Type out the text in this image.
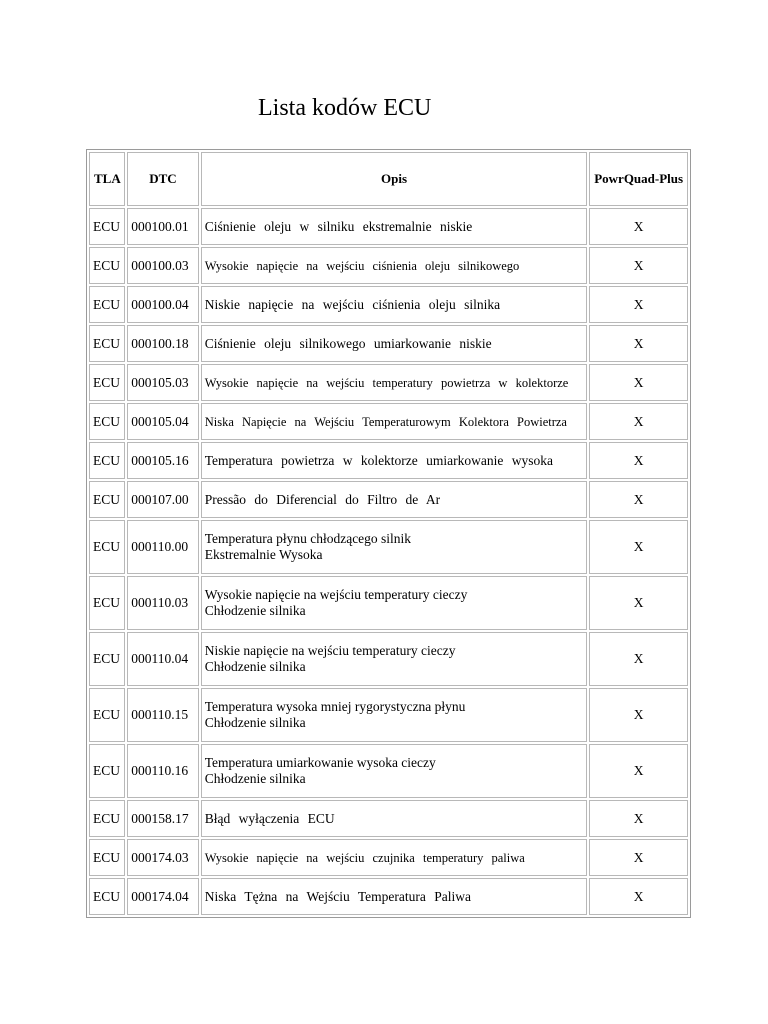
Lista kodów ECU
TLA	DTC	Opis	PowrQuad-Plus
ECU	000100.01	Ciśnienie oleju w silniku ekstremalnie niskie	X
ECU	000100.03	Wysokie napięcie na wejściu ciśnienia oleju silnikowego	X
ECU	000100.04	Niskie napięcie na wejściu ciśnienia oleju silnika	X
ECU	000100.18	Ciśnienie oleju silnikowego umiarkowanie niskie	X
ECU	000105.03	Wysokie napięcie na wejściu temperatury powietrza w kolektorze	X
ECU	000105.04	Niska Napięcie na Wejściu Temperaturowym Kolektora Powietrza	X
ECU	000105.16	Temperatura powietrza w kolektorze umiarkowanie wysoka	X
ECU	000107.00	Pressão do Diferencial do Filtro de Ar	X
ECU	000110.00	Temperatura płynu chłodzącego silnik
Ekstremalnie Wysoka	X
ECU	000110.03	Wysokie napięcie na wejściu temperatury cieczy
Chłodzenie silnika	X
ECU	000110.04	Niskie napięcie na wejściu temperatury cieczy
Chłodzenie silnika	X
ECU	000110.15	Temperatura wysoka mniej rygorystyczna płynu
Chłodzenie silnika	X
ECU	000110.16	Temperatura umiarkowanie wysoka cieczy
Chłodzenie silnika	X
ECU	000158.17	Błąd wyłączenia ECU	X
ECU	000174.03	Wysokie napięcie na wejściu czujnika temperatury paliwa	X
ECU	000174.04	Niska Tężna na Wejściu Temperatura Paliwa	X
